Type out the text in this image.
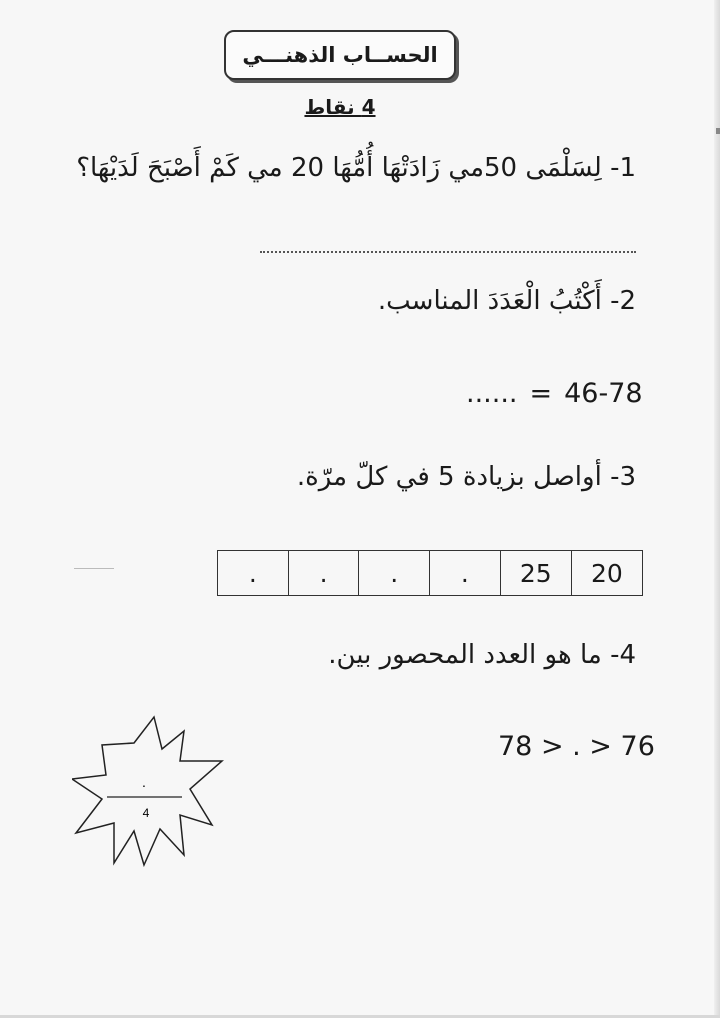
الحســاب الذهنـــي
4 نقاط
1- لِسَلْمَى 50مي زَادَتْهَا أُمُّهَا 20 مي كَمْ أَصْبَحَ لَدَيْهَا؟
2- أَكْتُبُ الْعَدَدَ المناسب.
...... = 46-78
3- أواصل بزيادة 5 في كلّ مرّة.
20	25	.	.	.	.
4- ما هو العدد المحصور بين.
78 > . > 76
.
4
